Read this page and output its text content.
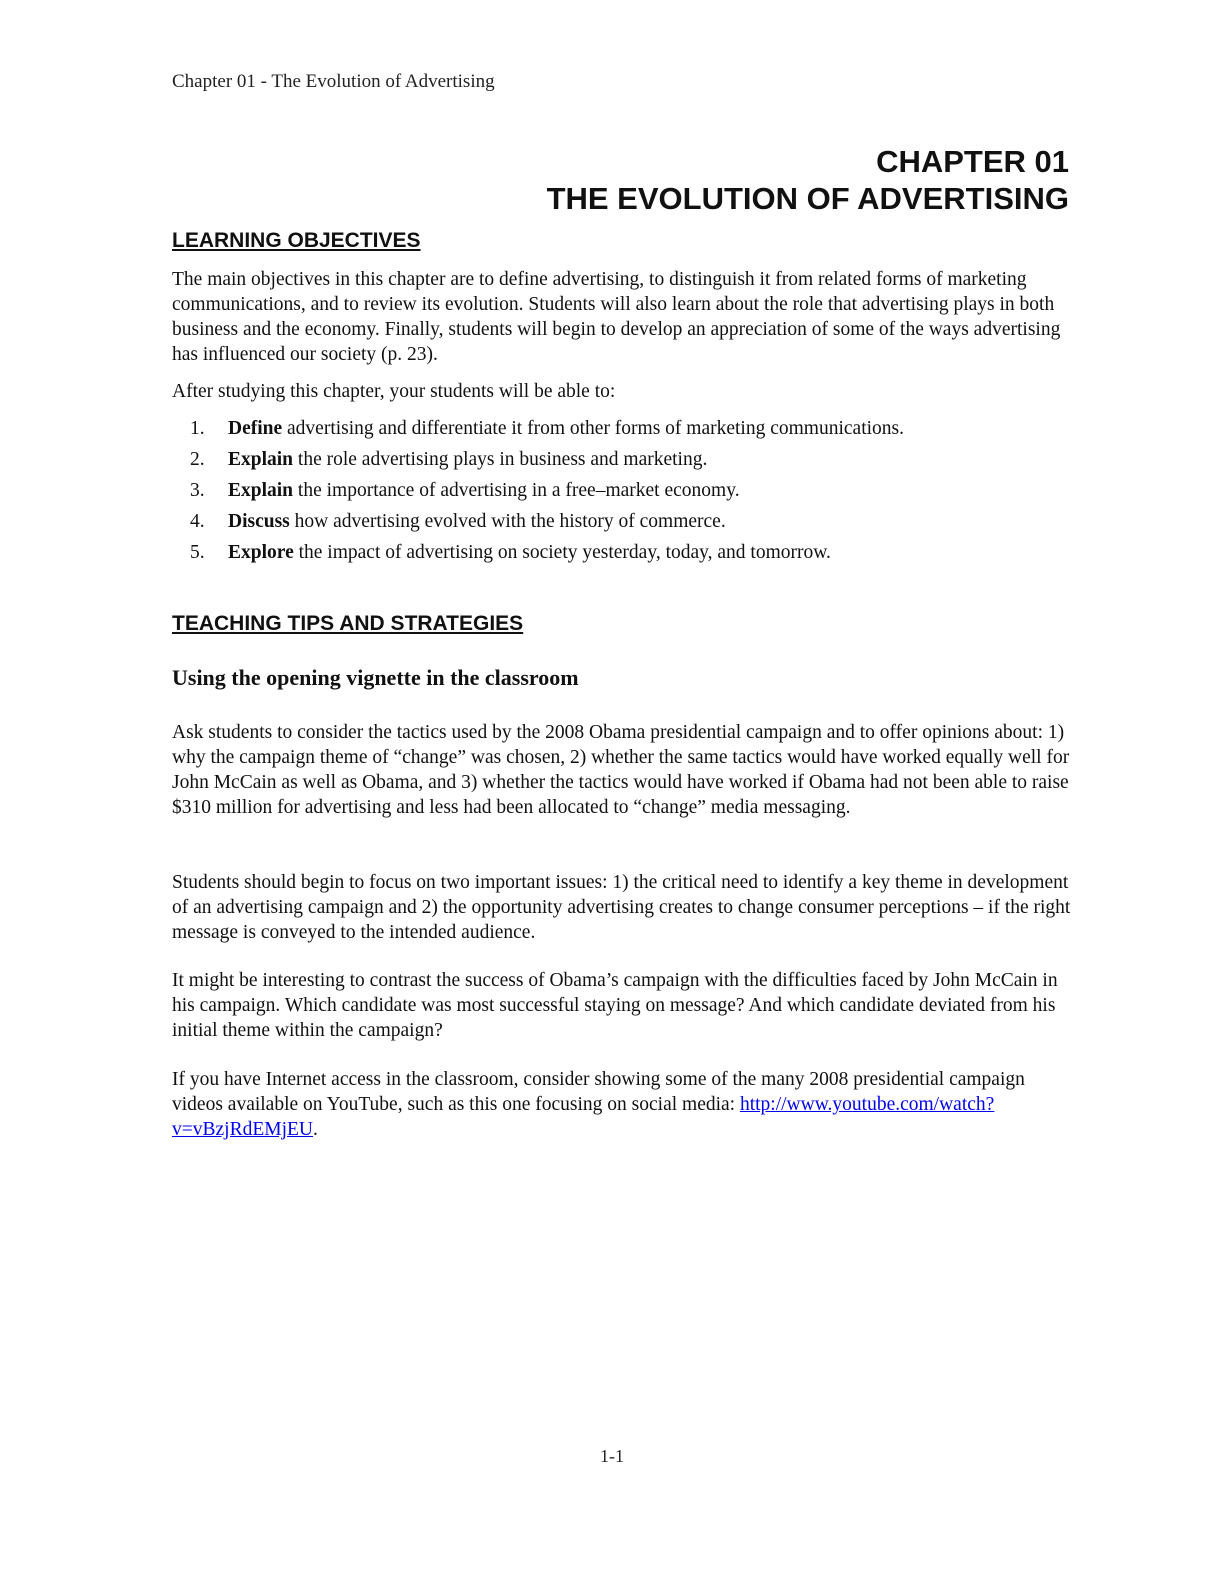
Chapter 01 - The Evolution of Advertising
CHAPTER 01
THE EVOLUTION OF ADVERTISING
LEARNING OBJECTIVES
The main objectives in this chapter are to define advertising, to distinguish it from related forms of marketing communications, and to review its evolution. Students will also learn about the role that advertising plays in both business and the economy. Finally, students will begin to develop an appreciation of some of the ways advertising has influenced our society (p. 23).
After studying this chapter, your students will be able to:
1. Define advertising and differentiate it from other forms of marketing communications.
2. Explain the role advertising plays in business and marketing.
3. Explain the importance of advertising in a free–market economy.
4. Discuss how advertising evolved with the history of commerce.
5. Explore the impact of advertising on society yesterday, today, and tomorrow.
TEACHING TIPS AND STRATEGIES
Using the opening vignette in the classroom
Ask students to consider the tactics used by the 2008 Obama presidential campaign and to offer opinions about: 1) why the campaign theme of “change” was chosen, 2) whether the same tactics would have worked equally well for John McCain as well as Obama, and 3) whether the tactics would have worked if Obama had not been able to raise $310 million for advertising and less had been allocated to “change” media messaging.
Students should begin to focus on two important issues: 1) the critical need to identify a key theme in development of an advertising campaign and 2) the opportunity advertising creates to change consumer perceptions – if the right message is conveyed to the intended audience.
It might be interesting to contrast the success of Obama’s campaign with the difficulties faced by John McCain in his campaign. Which candidate was most successful staying on message? And which candidate deviated from his initial theme within the campaign?
If you have Internet access in the classroom, consider showing some of the many 2008 presidential campaign videos available on YouTube, such as this one focusing on social media: http://www.youtube.com/watch?v=vBzjRdEMjEU.
1-1
